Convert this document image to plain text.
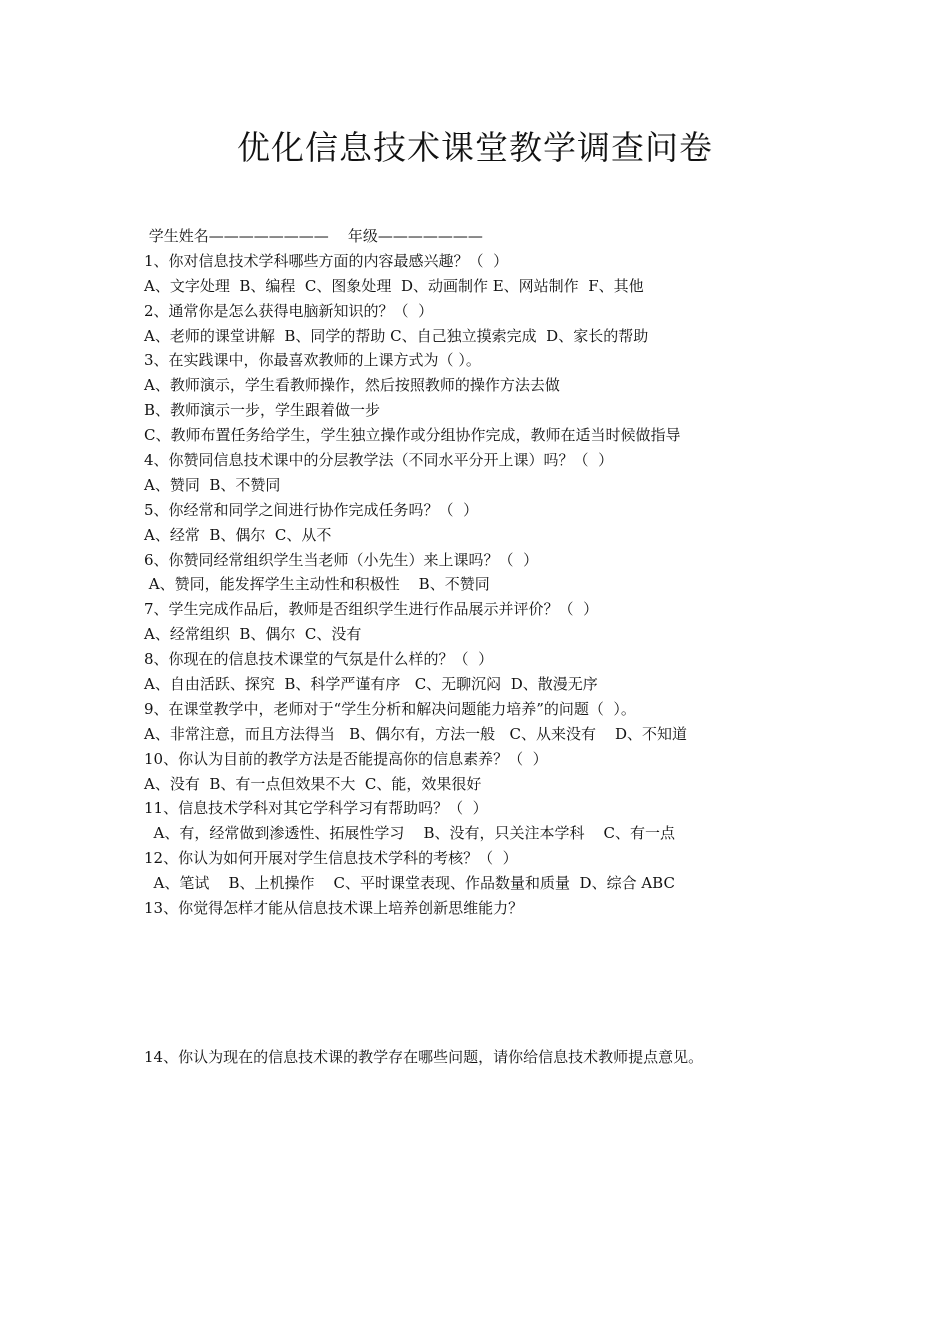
优化信息技术课堂教学调查问卷
学生姓名————————    年级———————
1、你对信息技术学科哪些方面的内容最感兴趣？（  ）
A、文字处理  B、编程  C、图象处理  D、动画制作 E、网站制作  F、其他
2、通常你是怎么获得电脑新知识的？（  ）
A、老师的课堂讲解  B、同学的帮助 C、自己独立摸索完成  D、家长的帮助
3、在实践课中，你最喜欢教师的上课方式为（ ）。
A、教师演示，学生看教师操作，然后按照教师的操作方法去做
B、教师演示一步，学生跟着做一步
C、教师布置任务给学生，学生独立操作或分组协作完成，教师在适当时候做指导
4、你赞同信息技术课中的分层教学法（不同水平分开上课）吗？（  ）
A、赞同  B、不赞同
5、你经常和同学之间进行协作完成任务吗？（  ）
A、经常  B、偶尔  C、从不
6、你赞同经常组织学生当老师（小先生）来上课吗？（  ）
A、赞同，能发挥学生主动性和积极性    B、不赞同
7、学生完成作品后，教师是否组织学生进行作品展示并评价？（  ）
A、经常组织  B、偶尔  C、没有
8、你现在的信息技术课堂的气氛是什么样的？（  ）
A、自由活跃、探究  B、科学严谨有序   C、无聊沉闷  D、散漫无序
9、在课堂教学中，老师对于“学生分析和解决问题能力培养”的问题（  ）。
A、非常注意，而且方法得当   B、偶尔有，方法一般   C、从来没有    D、不知道
10、你认为目前的教学方法是否能提高你的信息素养？（  ）
A、没有  B、有一点但效果不大  C、能，效果很好
11、信息技术学科对其它学科学习有帮助吗？（  ）
A、有，经常做到渗透性、拓展性学习    B、没有，只关注本学科    C、有一点
12、你认为如何开展对学生信息技术学科的考核？（  ）
A、笔试    B、上机操作    C、平时课堂表现、作品数量和质量  D、综合 ABC
13、你觉得怎样才能从信息技术课上培养创新思维能力？
14、你认为现在的信息技术课的教学存在哪些问题，请你给信息技术教师提点意见。
